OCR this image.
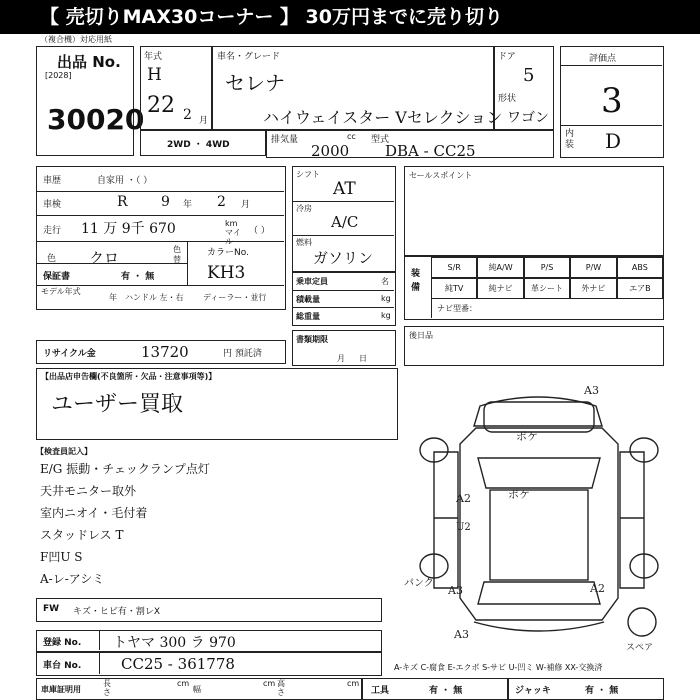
【 売切りMAX30コーナー 】 30万円までに売り切り
（複合機）対応用紙
出品 No.
[2028]
30020
年式
H
22 2 月
車名・グレード
セレナ
ハイウェイスター Vセレクション
ドア
5
形状
ワゴン
評価点
3
内装 D
2WD ・ 4WD	排気量	cc
2000
型式
DBA - CC25
車歴	自家用 ・（ ）
車検	R 9 年 2 月
走行 11 万 9千 670	km マイル
（ ）
色 クロ	色替
カラーNo.
KH3
保証書	有 ・ 無
モデル年式
年 ハンドル 左・右 ディーラー・並行
リサイクル金	13720	円 預託済
シフト
AT
冷房
A/C
燃料
ガソリン
乗車定員	名
積載量	kg
総重量	kg
書類期限
月日
セールスポイント
装備
S/R	純A/W	P/S	P/W	ABS
純TV	純ナビ	革シート	外ナビ	エアB
ナビ型番：
後日品
【出品店申告欄(不良箇所・欠品・注意事項等)】
ユーザー買取
【検査員記入】
E/G 振動・チェックランプ点灯
天井モニター取外
室内ニオイ・毛付着
スタッドレス T
F凹U S
A-レ-アシミ
FW キズ・ヒビ有・割レX
登録 No. トヤマ 300 ラ 970
車台 No.	CC25 - 361778
車庫証明用
長さ
cm
幅
cm 高さ
cm
A-キズ C-腐食 E-エクボ S-サビ U-凹ミ W-補修 XX-交換済
工具	有 ・ 無	ジャッキ	有 ・ 無
A3
ボケ
A2	ボケ
U2
A3	A2
A3
パンク
スペア
